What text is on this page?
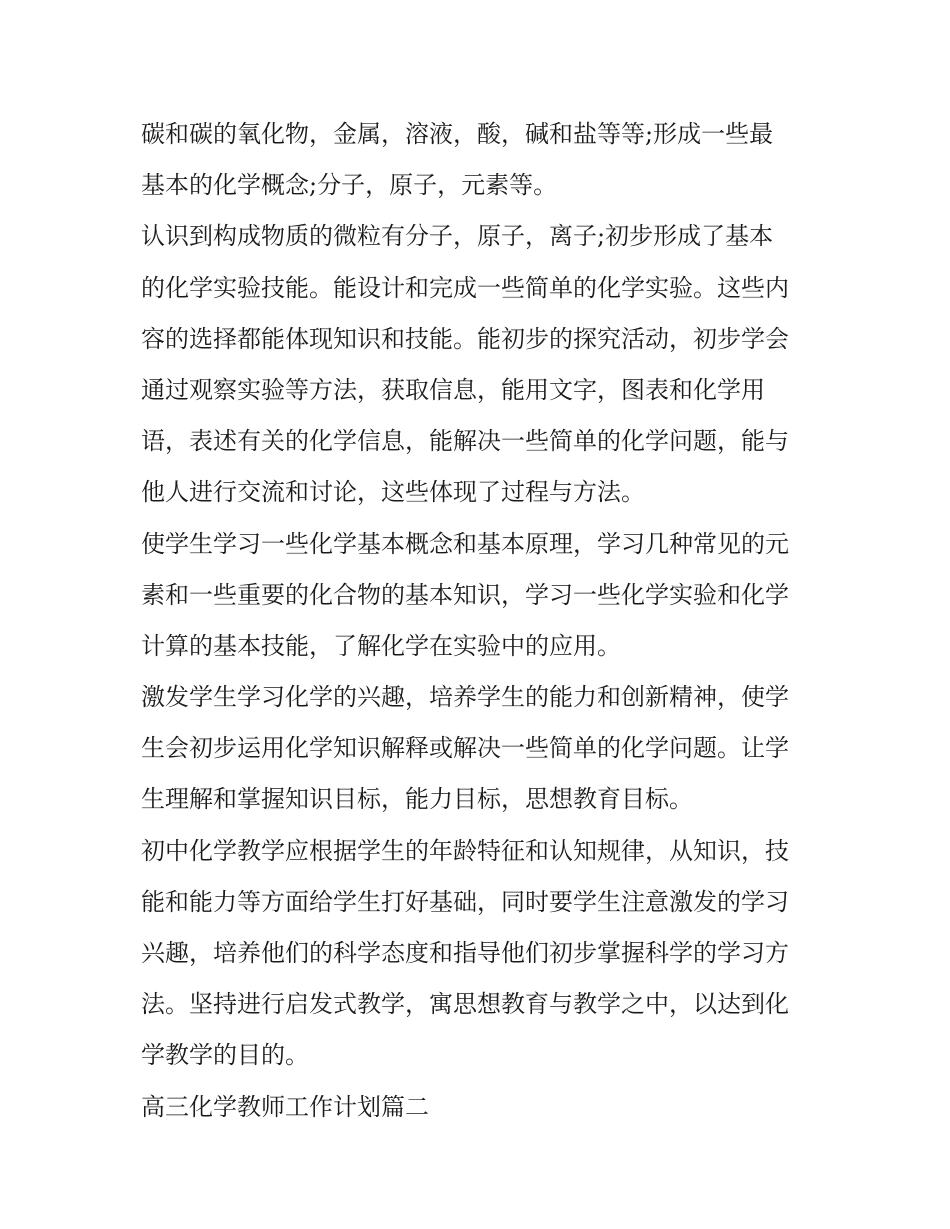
碳和碳的氧化物，金属，溶液，酸，碱和盐等等;形成一些最
基本的化学概念;分子，原子，元素等。
认识到构成物质的微粒有分子，原子，离子;初步形成了基本
的化学实验技能。能设计和完成一些简单的化学实验。这些内
容的选择都能体现知识和技能。能初步的探究活动，初步学会
通过观察实验等方法，获取信息，能用文字，图表和化学用
语，表述有关的化学信息，能解决一些简单的化学问题，能与
他人进行交流和讨论，这些体现了过程与方法。
使学生学习一些化学基本概念和基本原理，学习几种常见的元
素和一些重要的化合物的基本知识，学习一些化学实验和化学
计算的基本技能，了解化学在实验中的应用。
激发学生学习化学的兴趣，培养学生的能力和创新精神，使学
生会初步运用化学知识解释或解决一些简单的化学问题。让学
生理解和掌握知识目标，能力目标，思想教育目标。
初中化学教学应根据学生的年龄特征和认知规律，从知识，技
能和能力等方面给学生打好基础，同时要学生注意激发的学习
兴趣，培养他们的科学态度和指导他们初步掌握科学的学习方
法。坚持进行启发式教学，寓思想教育与教学之中，以达到化
学教学的目的。
高三化学教师工作计划篇二
